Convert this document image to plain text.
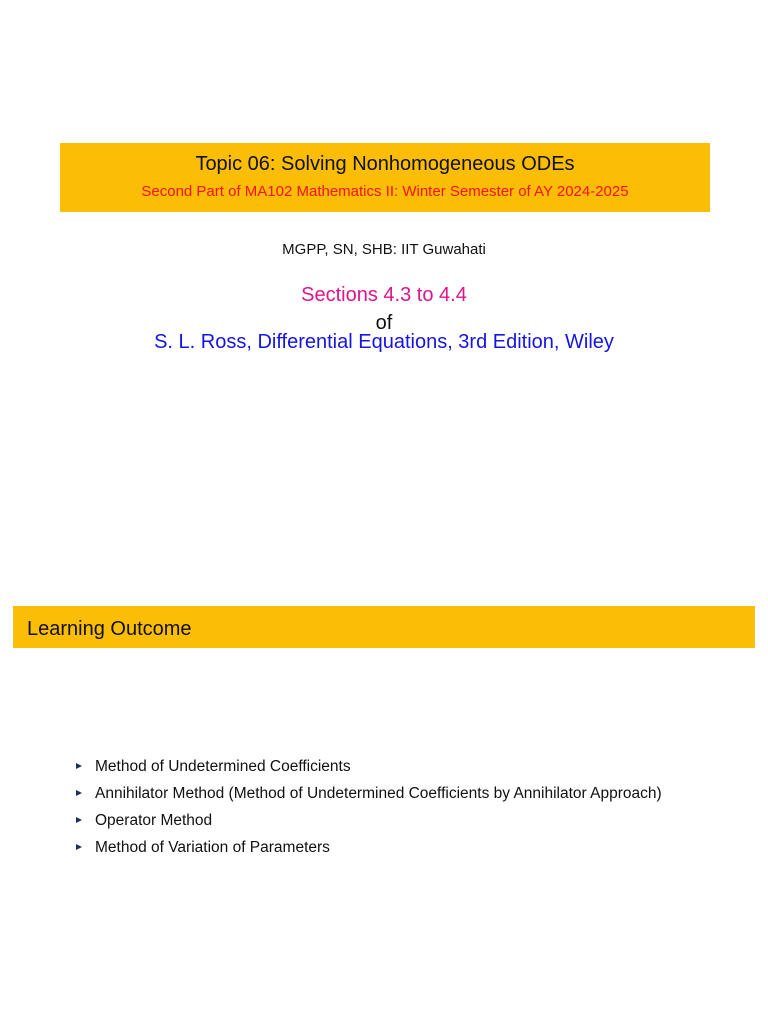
Topic 06: Solving Nonhomogeneous ODEs
Second Part of MA102 Mathematics II: Winter Semester of AY 2024-2025
MGPP, SN, SHB: IIT Guwahati
Sections 4.3 to 4.4
of
S. L. Ross, Differential Equations, 3rd Edition, Wiley
Learning Outcome
Method of Undetermined Coefficients
Annihilator Method (Method of Undetermined Coefficients by Annihilator Approach)
Operator Method
Method of Variation of Parameters
